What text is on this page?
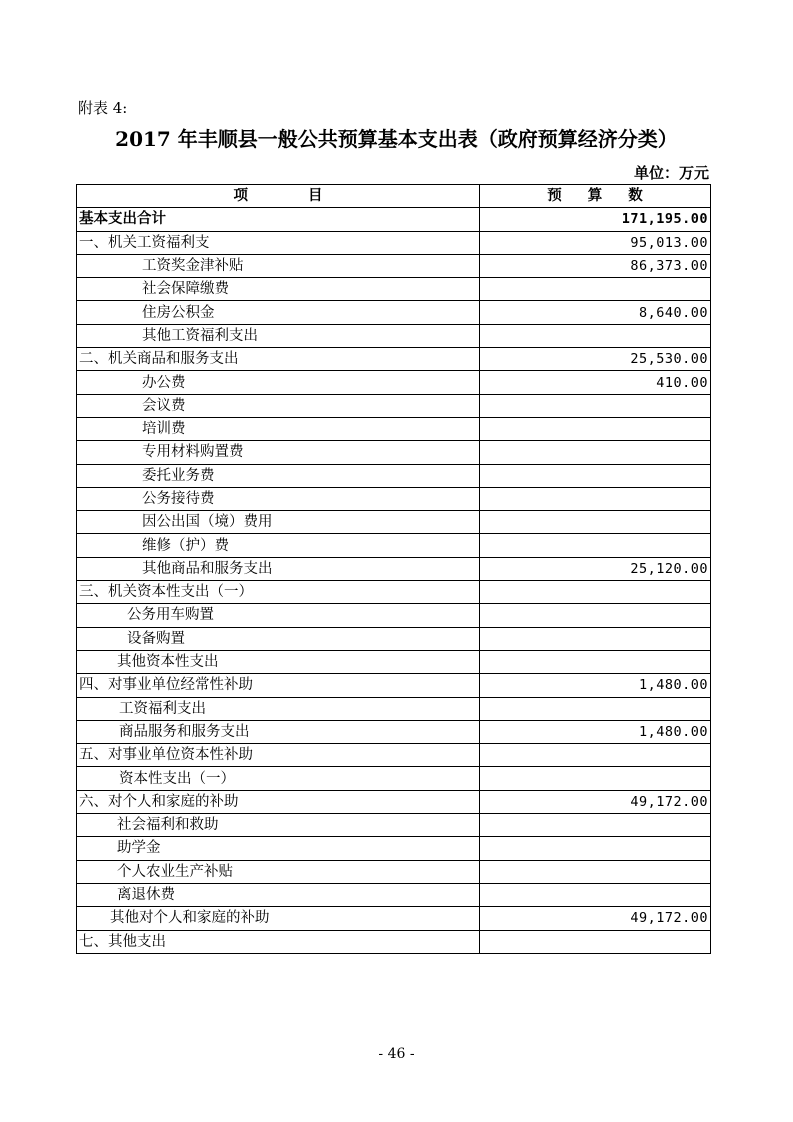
附表 4:
2017 年丰顺县一般公共预算基本支出表（政府预算经济分类）
单位：万元
项 目	预 算 数
基本支出合计	171,195.00
一、机关工资福利支	95,013.00
工资奖金津补贴	86,373.00
社会保障缴费	
住房公积金	8,640.00
其他工资福利支出	
二、机关商品和服务支出	25,530.00
办公费	410.00
会议费	
培训费	
专用材料购置费	
委托业务费	
公务接待费	
因公出国（境）费用	
维修（护）费	
其他商品和服务支出	25,120.00
三、机关资本性支出（一）	
公务用车购置	
设备购置	
其他资本性支出	
四、对事业单位经常性补助	1,480.00
工资福利支出	
商品服务和服务支出	1,480.00
五、对事业单位资本性补助	
资本性支出（一）	
六、对个人和家庭的补助	49,172.00
社会福利和救助	
助学金	
个人农业生产补贴	
离退休费	
其他对个人和家庭的补助	49,172.00
七、其他支出	
- 46 -
